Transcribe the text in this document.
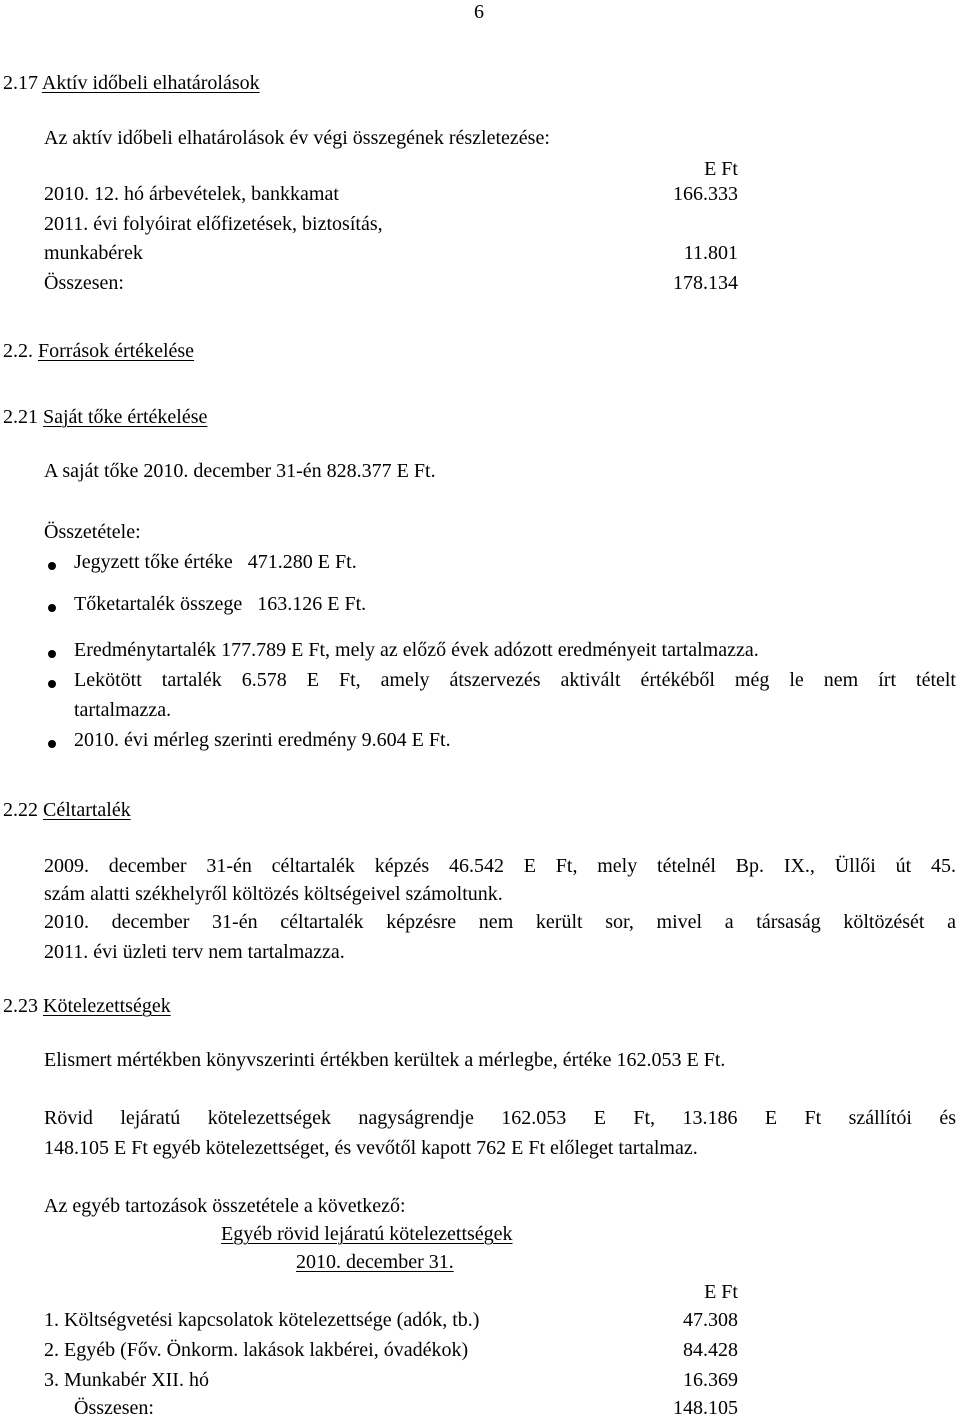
6
2.17 Aktív időbeli elhatárolások
Az aktív időbeli elhatárolások év végi összegének részletezése:
E Ft
2010. 12. hó árbevételek, bankkamat	166.333
2011. évi folyóirat előfizetések, biztosítás,
munkabérek	11.801
Összesen:	178.134
2.2. Források értékelése
2.21 Saját tőke értékelése
A saját tőke 2010. december 31-én 828.377 E Ft.
Összetétele:
Jegyzett tőke értéke   471.280 E Ft.
Tőketartalék összege   163.126 E Ft.
Eredménytartalék 177.789 E Ft, mely az előző évek adózott eredményeit tartalmazza.
Lekötött tartalék 6.578 E Ft, amely átszervezés aktivált értékéből még le nem írt tételt
tartalmazza.
2010. évi mérleg szerinti eredmény 9.604 E Ft.
2.22 Céltartalék
2009. december 31-én céltartalék képzés 46.542 E Ft, mely tételnél Bp. IX., Üllői út 45.
szám alatti székhelyről költözés költségeivel számoltunk.
2010. december 31-én céltartalék képzésre nem került sor, mivel a társaság költözését a
2011. évi üzleti terv nem tartalmazza.
2.23 Kötelezettségek
Elismert mértékben könyvszerinti értékben kerültek a mérlegbe, értéke 162.053 E Ft.
Rövid lejáratú kötelezettségek nagyságrendje 162.053 E Ft, 13.186 E Ft szállítói és
148.105 E Ft egyéb kötelezettséget, és vevőtől kapott 762 E Ft előleget tartalmaz.
Az egyéb tartozások összetétele a következő:
Egyéb rövid lejáratú kötelezettségek
2010. december 31.
E Ft
1. Költségvetési kapcsolatok kötelezettsége (adók, tb.)	47.308
2. Egyéb (Főv. Önkorm. lakások lakbérei, óvadékok)	84.428
3. Munkabér XII. hó	16.369
Összesen:	148.105
